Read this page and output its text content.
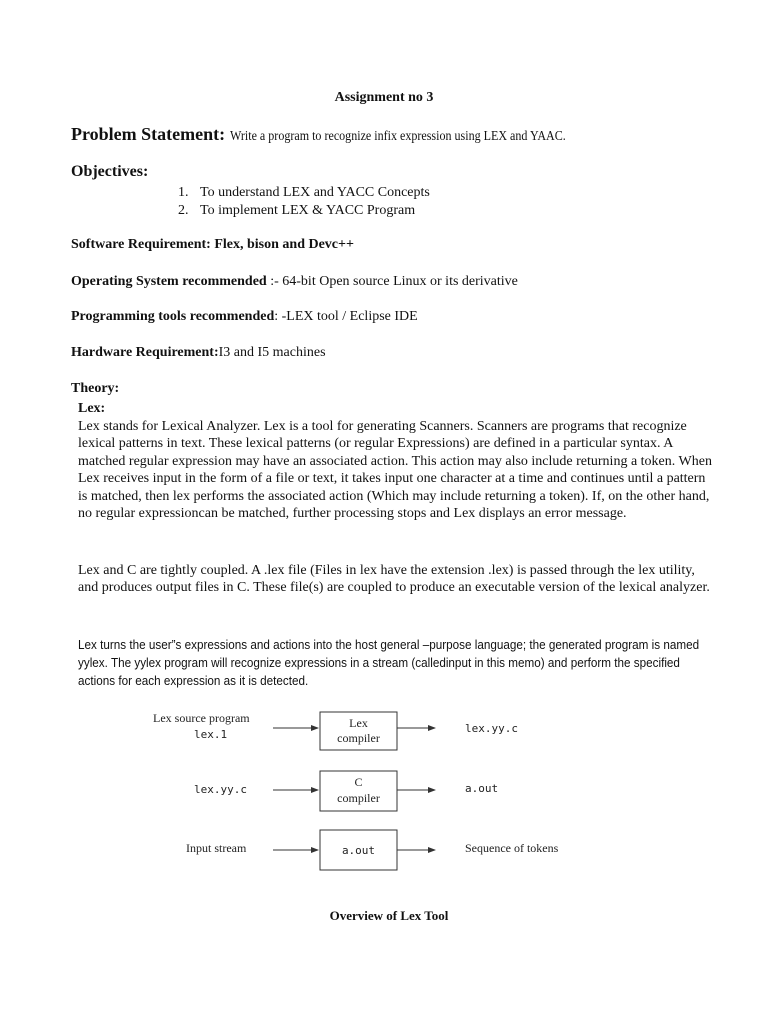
Assignment no 3
Problem Statement: Write a program to recognize infix expression using LEX and YAAC.
Objectives:
1. To understand LEX and YACC Concepts
2. To implement LEX & YACC Program
Software Requirement: Flex, bison and Devc++
Operating System recommended :- 64-bit Open source Linux or its derivative
Programming tools recommended: -LEX tool / Eclipse IDE
Hardware Requirement:I3 and I5 machines
Theory:
Lex:
Lex stands for Lexical Analyzer. Lex is a tool for generating Scanners. Scanners are programs that recognize lexical patterns in text. These lexical patterns (or regular Expressions) are defined in a particular syntax. A matched regular expression may have an associated action. This action may also include returning a token. When Lex receives input in the form of a file or text, it takes input one character at a time and continues until a pattern is matched, then lex performs the associated action (Which may include returning a token). If, on the other hand, no regular expressioncan be matched, further processing stops and Lex displays an error message.
Lex and C are tightly coupled. A .lex file (Files in lex have the extension .lex) is passed through the lex utility, and produces output files in C. These file(s) are coupled to produce an executable version of the lexical analyzer.
Lex turns the user”s expressions and actions into the host general –purpose language; the generated program is named yylex. The yylex program will recognize expressions in a stream (calledinput in this memo) and perform the specified actions for each expression as it is detected.
Lex source program
lex.1
Lex
compiler
lex.yy.c
lex.yy.c
C
compiler
a.out
Input stream	a.out	Sequence of tokens
Overview of Lex Tool
